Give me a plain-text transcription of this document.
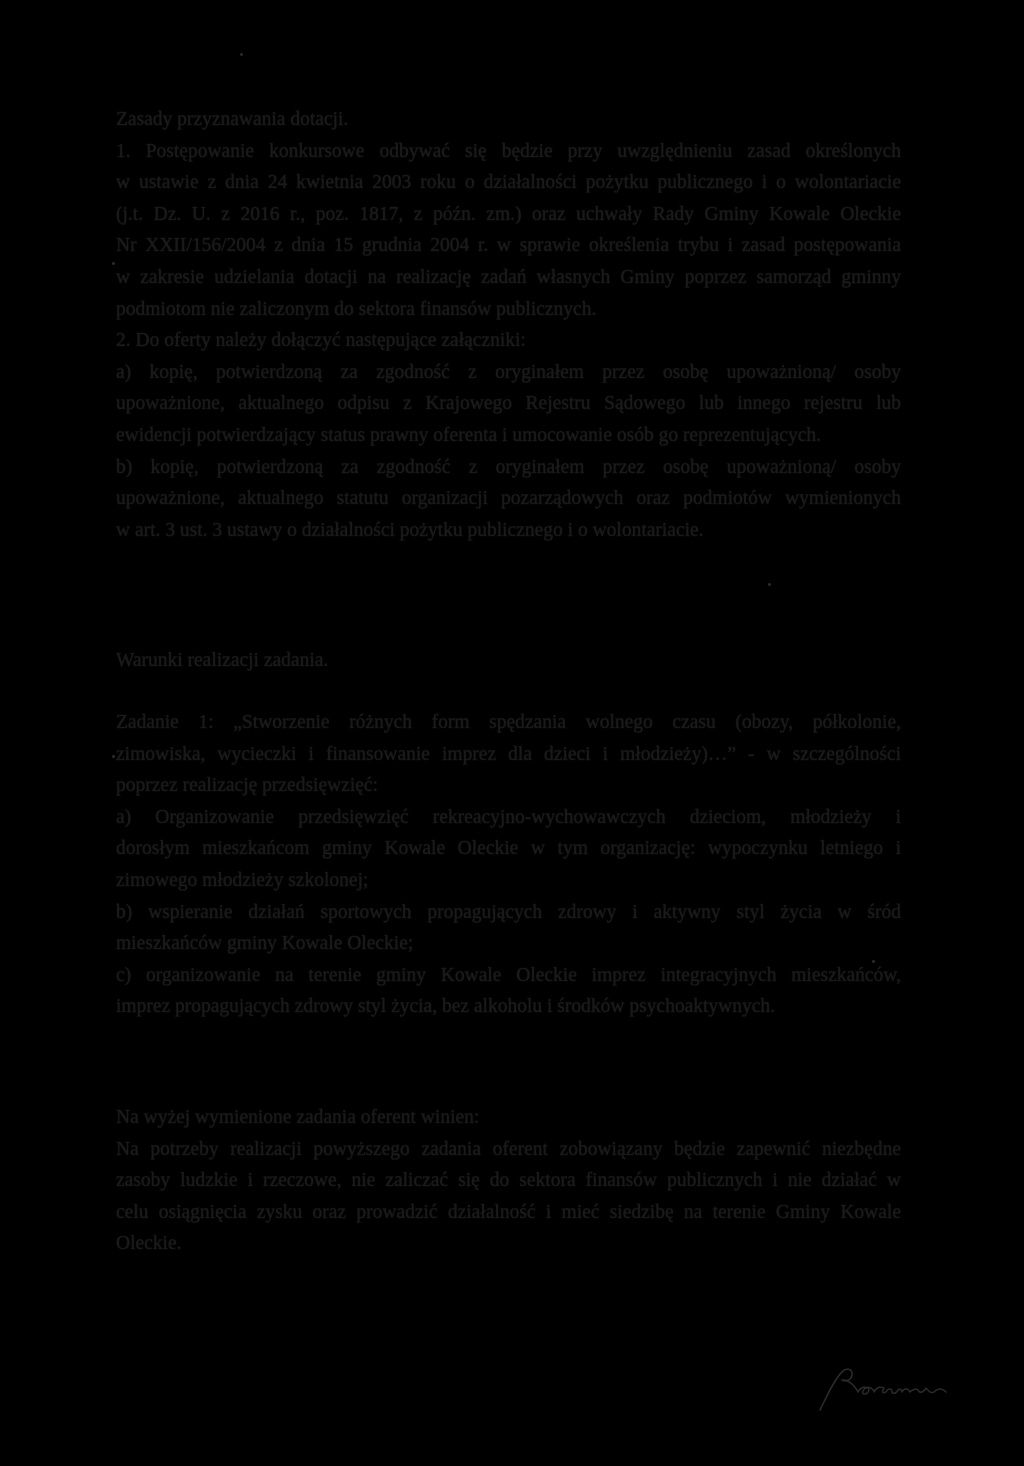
Zasady przyznawania dotacji.
1. Postępowanie konkursowe odbywać się będzie przy uwzględnieniu zasad określonych
w ustawie z dnia 24 kwietnia 2003 roku o działalności pożytku publicznego i o wolontariacie
(j.t. Dz. U. z 2016 r., poz. 1817, z późn. zm.) oraz uchwały Rady Gminy Kowale Oleckie
Nr XXII/156/2004 z dnia 15 grudnia 2004 r. w sprawie określenia trybu i zasad postępowania
w zakresie udzielania dotacji na realizację zadań własnych Gminy poprzez samorząd gminny
podmiotom nie zaliczonym do sektora finansów publicznych.
2. Do oferty należy dołączyć następujące załączniki:
a) kopię, potwierdzoną za zgodność z oryginałem przez osobę upoważnioną/ osoby
upoważnione, aktualnego odpisu z Krajowego Rejestru Sądowego lub innego rejestru lub
ewidencji potwierdzający status prawny oferenta i umocowanie osób go reprezentujących.
b) kopię, potwierdzoną za zgodność z oryginałem przez osobę upoważnioną/ osoby
upoważnione, aktualnego statutu organizacji pozarządowych oraz podmiotów wymienionych
w art. 3 ust. 3 ustawy o działalności pożytku publicznego i o wolontariacie.
Warunki realizacji zadania.
Zadanie 1: „Stworzenie różnych form spędzania wolnego czasu (obozy, półkolonie,
zimowiska, wycieczki i finansowanie imprez dla dzieci i młodzieży)…” - w szczególności
poprzez realizację przedsięwzięć:
a) Organizowanie przedsięwzięć rekreacyjno-wychowawczych dzieciom, młodzieży i
dorosłym mieszkańcom gminy Kowale Oleckie w tym organizację: wypoczynku letniego i
zimowego młodzieży szkolonej;
b) wspieranie działań sportowych propagujących zdrowy i aktywny styl życia w śród
mieszkańców gminy Kowale Oleckie;
c) organizowanie na terenie gminy Kowale Oleckie imprez integracyjnych mieszkańców,
imprez propagujących zdrowy styl życia, bez alkoholu i środków psychoaktywnych.
Na wyżej wymienione zadania oferent winien:
Na potrzeby realizacji powyższego zadania oferent zobowiązany będzie zapewnić niezbędne
zasoby ludzkie i rzeczowe, nie zaliczać się do sektora finansów publicznych i nie działać w
celu osiągnięcia zysku oraz prowadzić działalność i mieć siedzibę na terenie Gminy Kowale
Oleckie.
